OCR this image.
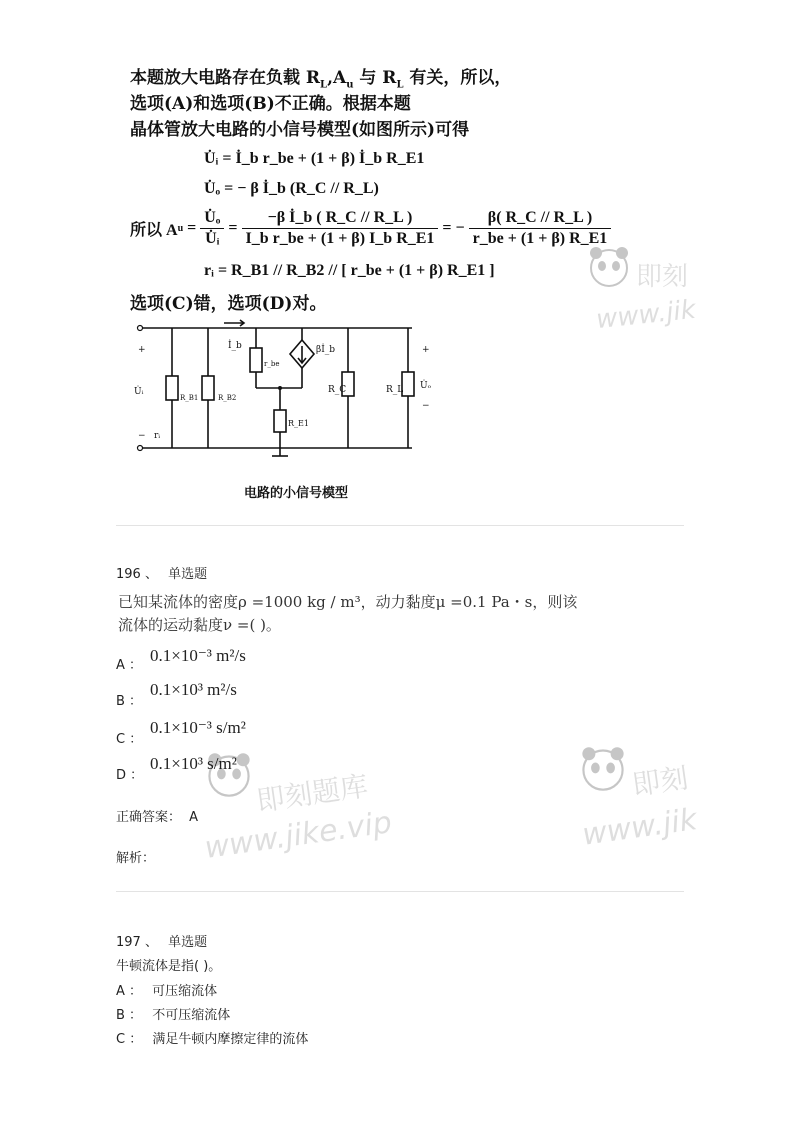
本题放大电路存在负载 $R_L,A_u$ 与 $R_L$ 有关，所以，
选项(A)和选项(B)不正确。根据本题
晶体管放大电路的小信号模型(如图所示)可得
U̇ᵢ = İ_b r_be + (1 + β) İ_b R_E1
U̇ₒ = − β İ_b (R_C // R_L)
所以 $Au = \frac{\text{U̇ₒ}}{\text{U̇ᵢ}} = \frac{\text{−β İ\_b ( R\_C // R\_L )}}{\text{I\_b r\_be + (1 + β) I\_b R\_E1}}$ = − $\frac{\beta( R\_C // R\_L )}{r\_be + (1 + \beta) R\_E1}$
rᵢ = R_B1 // R_B2 // [ r_be + (1 + β) R_E1 ]
选项(C)错，选项(D)对。
+
U̇ᵢ
− rᵢ
R_B1	R_B2
İ_b
r_be
βİ_b
R_E1
R_C	R_L
+
U̇ₒ
−
电路的小信号模型
196 、 单选题
已知某流体的密度ρ =1000 kg / m³，动力黏度μ =0.1 Pa・s，则该
流体的运动黏度ν =( )。
A ：
0.1×10⁻³ m²/s
B ：
0.1×10³ m²/s
C ：
0.1×10⁻³ s/m²
D ：
0.1×10³ s/m²
正确答案： A
解析：
197 、 单选题
牛顿流体是指( )。
A ： 可压缩流体
B ： 不可压缩流体
C ： 满足牛顿内摩擦定律的流体
即刻
www.jik
即刻题库
www.jike.vip
即刻
www.jik
